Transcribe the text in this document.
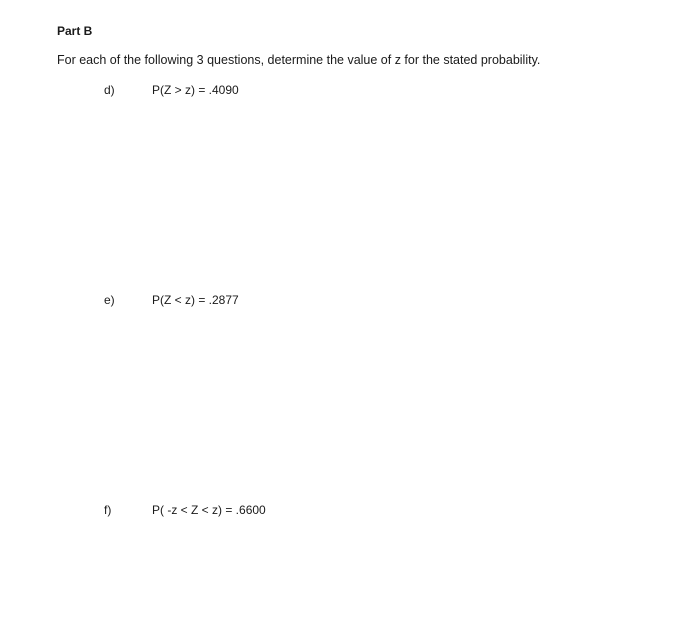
Part B
For each of the following 3 questions, determine the value of z for the stated probability.
d)	P(Z > z) = .4090
e)	P(Z < z) = .2877
f)	P( -z < Z < z) = .6600
